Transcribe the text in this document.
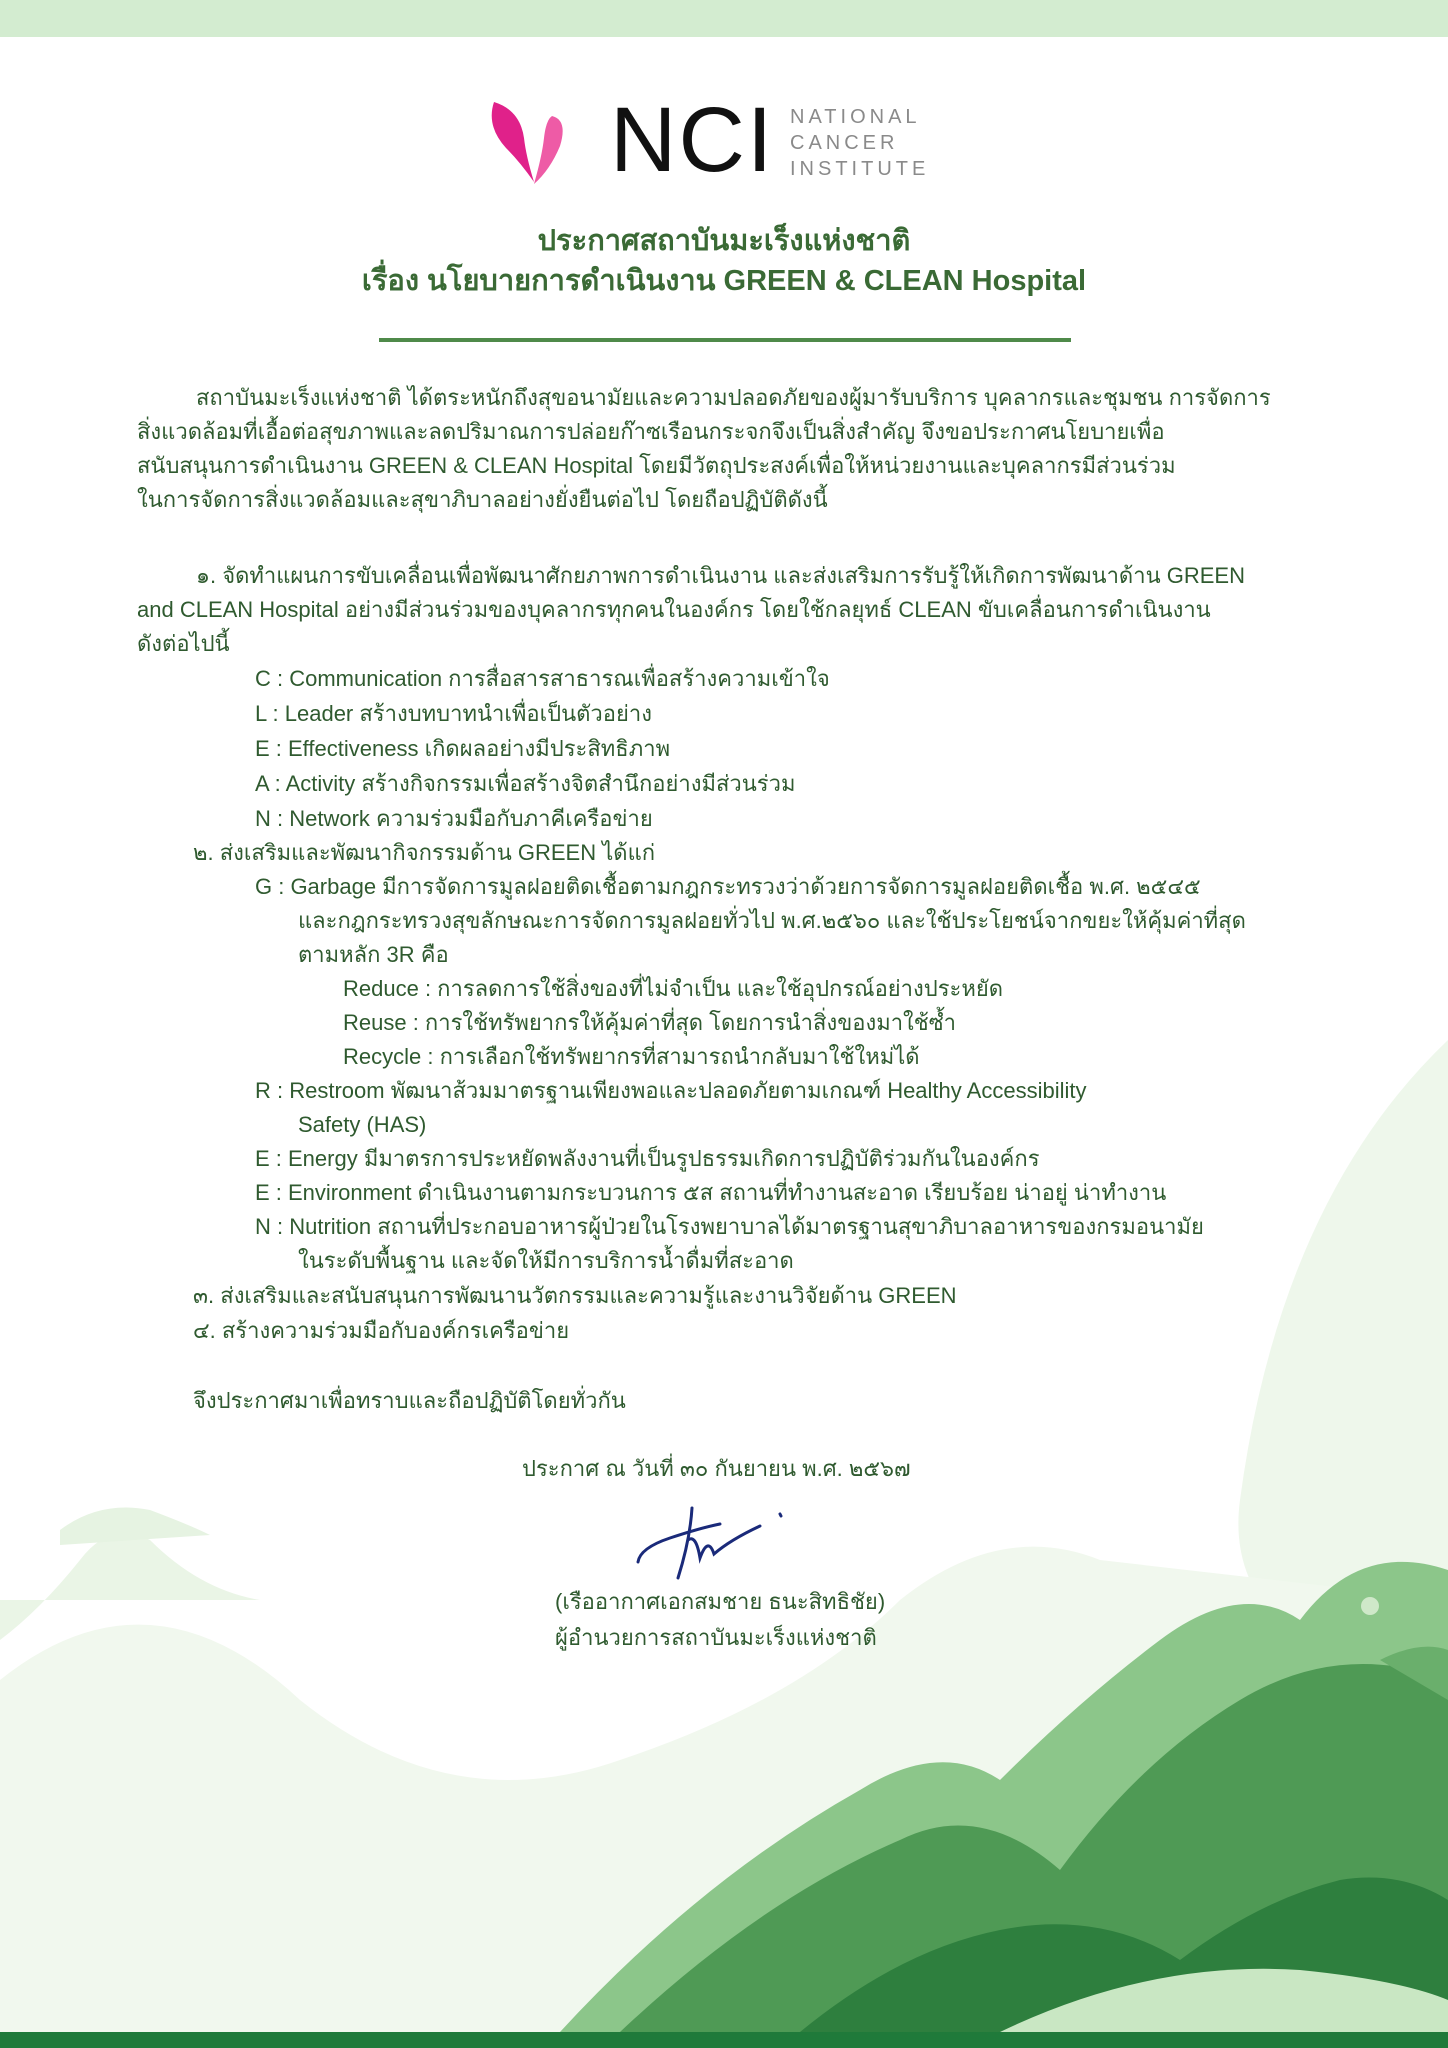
NCI NATIONAL
CANCER
INSTITUTE
ประกาศสถาบันมะเร็งแห่งชาติ
เรื่อง นโยบายการดำเนินงาน GREEN & CLEAN Hospital
สถาบันมะเร็งแห่งชาติ ได้ตระหนักถึงสุขอนามัยและความปลอดภัยของผู้มารับบริการ บุคลากรและชุมชน การจัดการ
สิ่งแวดล้อมที่เอื้อต่อสุขภาพและลดปริมาณการปล่อยก๊าซเรือนกระจกจึงเป็นสิ่งสำคัญ จึงขอประกาศนโยบายเพื่อ
สนับสนุนการดำเนินงาน GREEN & CLEAN Hospital โดยมีวัตถุประสงค์เพื่อให้หน่วยงานและบุคลากรมีส่วนร่วม
ในการจัดการสิ่งแวดล้อมและสุขาภิบาลอย่างยั่งยืนต่อไป โดยถือปฏิบัติดังนี้
๑. จัดทำแผนการขับเคลื่อนเพื่อพัฒนาศักยภาพการดำเนินงาน และส่งเสริมการรับรู้ให้เกิดการพัฒนาด้าน GREEN
and CLEAN Hospital อย่างมีส่วนร่วมของบุคลากรทุกคนในองค์กร โดยใช้กลยุทธ์ CLEAN ขับเคลื่อนการดำเนินงาน
ดังต่อไปนี้
C : Communication การสื่อสารสาธารณเพื่อสร้างความเข้าใจ
L : Leader สร้างบทบาทนำเพื่อเป็นตัวอย่าง
E : Effectiveness เกิดผลอย่างมีประสิทธิภาพ
A : Activity สร้างกิจกรรมเพื่อสร้างจิตสำนึกอย่างมีส่วนร่วม
N : Network ความร่วมมือกับภาคีเครือข่าย
๒. ส่งเสริมและพัฒนากิจกรรมด้าน GREEN ได้แก่
G : Garbage มีการจัดการมูลฝอยติดเชื้อตามกฎกระทรวงว่าด้วยการจัดการมูลฝอยติดเชื้อ พ.ศ. ๒๕๔๕
และกฎกระทรวงสุขลักษณะการจัดการมูลฝอยทั่วไป พ.ศ.๒๕๖๐ และใช้ประโยชน์จากขยะให้คุ้มค่าที่สุด
ตามหลัก 3R คือ
Reduce : การลดการใช้สิ่งของที่ไม่จำเป็น และใช้อุปกรณ์อย่างประหยัด
Reuse : การใช้ทรัพยากรให้คุ้มค่าที่สุด โดยการนำสิ่งของมาใช้ซ้ำ
Recycle : การเลือกใช้ทรัพยากรที่สามารถนำกลับมาใช้ใหม่ได้
R : Restroom พัฒนาส้วมมาตรฐานเพียงพอและปลอดภัยตามเกณฑ์ Healthy Accessibility
Safety (HAS)
E : Energy มีมาตรการประหยัดพลังงานที่เป็นรูปธรรมเกิดการปฏิบัติร่วมกันในองค์กร
E : Environment ดำเนินงานตามกระบวนการ ๕ส สถานที่ทำงานสะอาด เรียบร้อย น่าอยู่ น่าทำงาน
N : Nutrition สถานที่ประกอบอาหารผู้ป่วยในโรงพยาบาลได้มาตรฐานสุขาภิบาลอาหารของกรมอนามัย
ในระดับพื้นฐาน และจัดให้มีการบริการน้ำดื่มที่สะอาด
๓. ส่งเสริมและสนับสนุนการพัฒนานวัตกรรมและความรู้และงานวิจัยด้าน GREEN
๔. สร้างความร่วมมือกับองค์กรเครือข่าย
จึงประกาศมาเพื่อทราบและถือปฏิบัติโดยทั่วกัน
ประกาศ ณ วันที่ ๓๐ กันยายน พ.ศ. ๒๕๖๗
(เรืออากาศเอกสมชาย ธนะสิทธิชัย)
ผู้อำนวยการสถาบันมะเร็งแห่งชาติ
